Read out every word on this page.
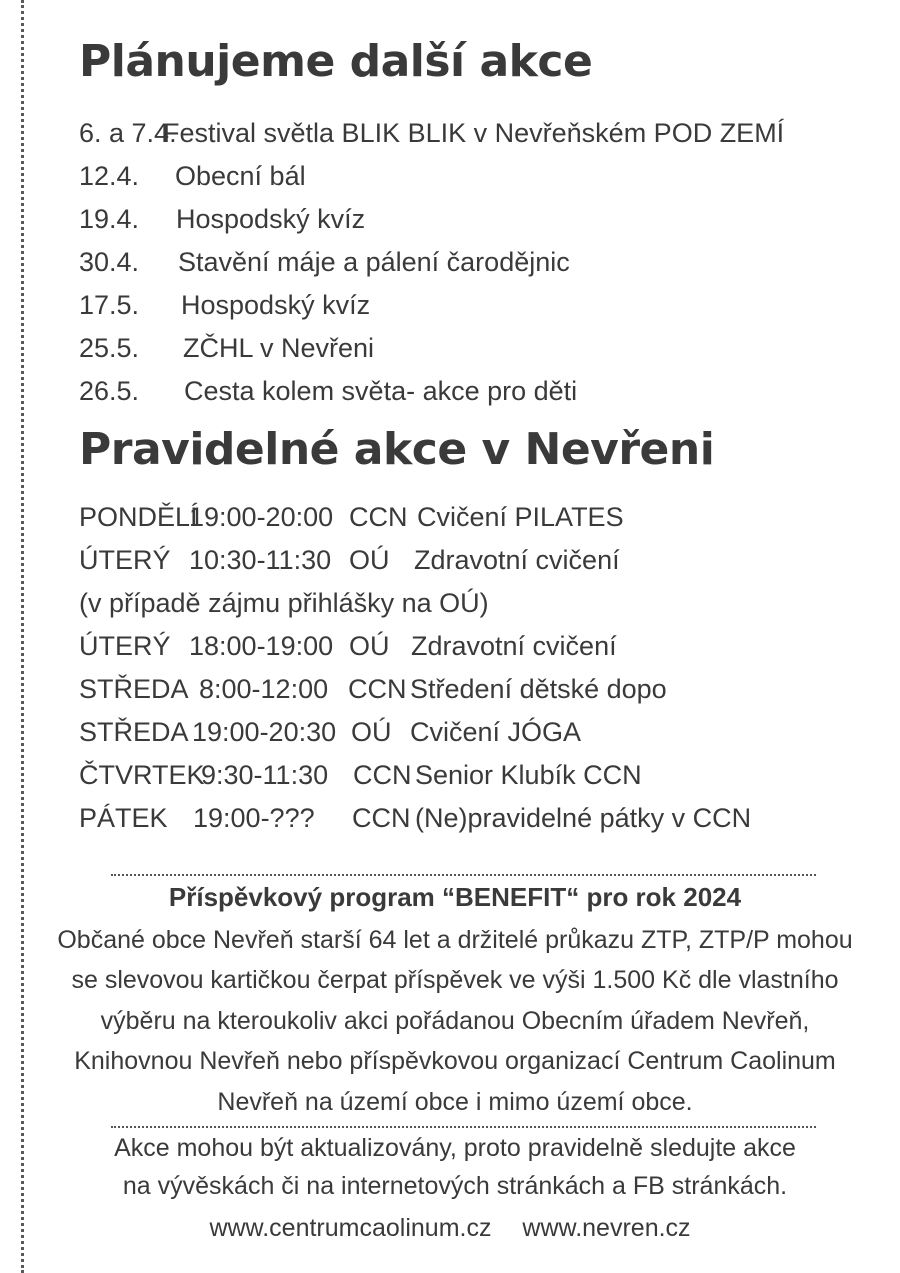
Plánujeme další akce
6. a 7.4.
Festival světla BLIK BLIK v Nevřeňském POD ZEMÍ
12.4. Obecní bál
19.4. Hospodský kvíz
30.4. Stavění máje a pálení čarodějnic
17.5. Hospodský kvíz
25.5. ZČHL v Nevřeni
26.5. Cesta kolem světa- akce pro děti
Pravidelné akce v Nevřeni
PONDĚLÍ
19:00-20:00 CCN Cvičení PILATES
ÚTERÝ 10:30-11:30 OÚ Zdravotní cvičení
(v případě zájmu přihlášky na OÚ)
ÚTERÝ 18:00-19:00 OÚ Zdravotní cvičení
STŘEDA 8:00-12:00 CCN Středení dětské dopo
STŘEDA 19:00-20:30 OÚ Cvičení JÓGA
ČTVRTEK
9:30-11:30 CCN Senior Klubík CCN
PÁTEK 19:00-??? CCN (Ne)pravidelné pátky v CCN
Příspěvkový program “BENEFIT“ pro rok 2024
Občané obce Nevřeň starší 64 let a držitelé průkazu ZTP, ZTP/P mohou
se slevovou kartičkou čerpat příspěvek ve výši 1.500 Kč dle vlastního
výběru na kteroukoliv akci pořádanou Obecním úřadem Nevřeň,
Knihovnou Nevřeň nebo příspěvkovou organizací Centrum Caolinum
Nevřeň na území obce i mimo území obce.
Akce mohou být aktualizovány, proto pravidelně sledujte akce
na vývěskách či na internetových stránkách a FB stránkách.
www.centrumcaolinum.cz www.nevren.cz
